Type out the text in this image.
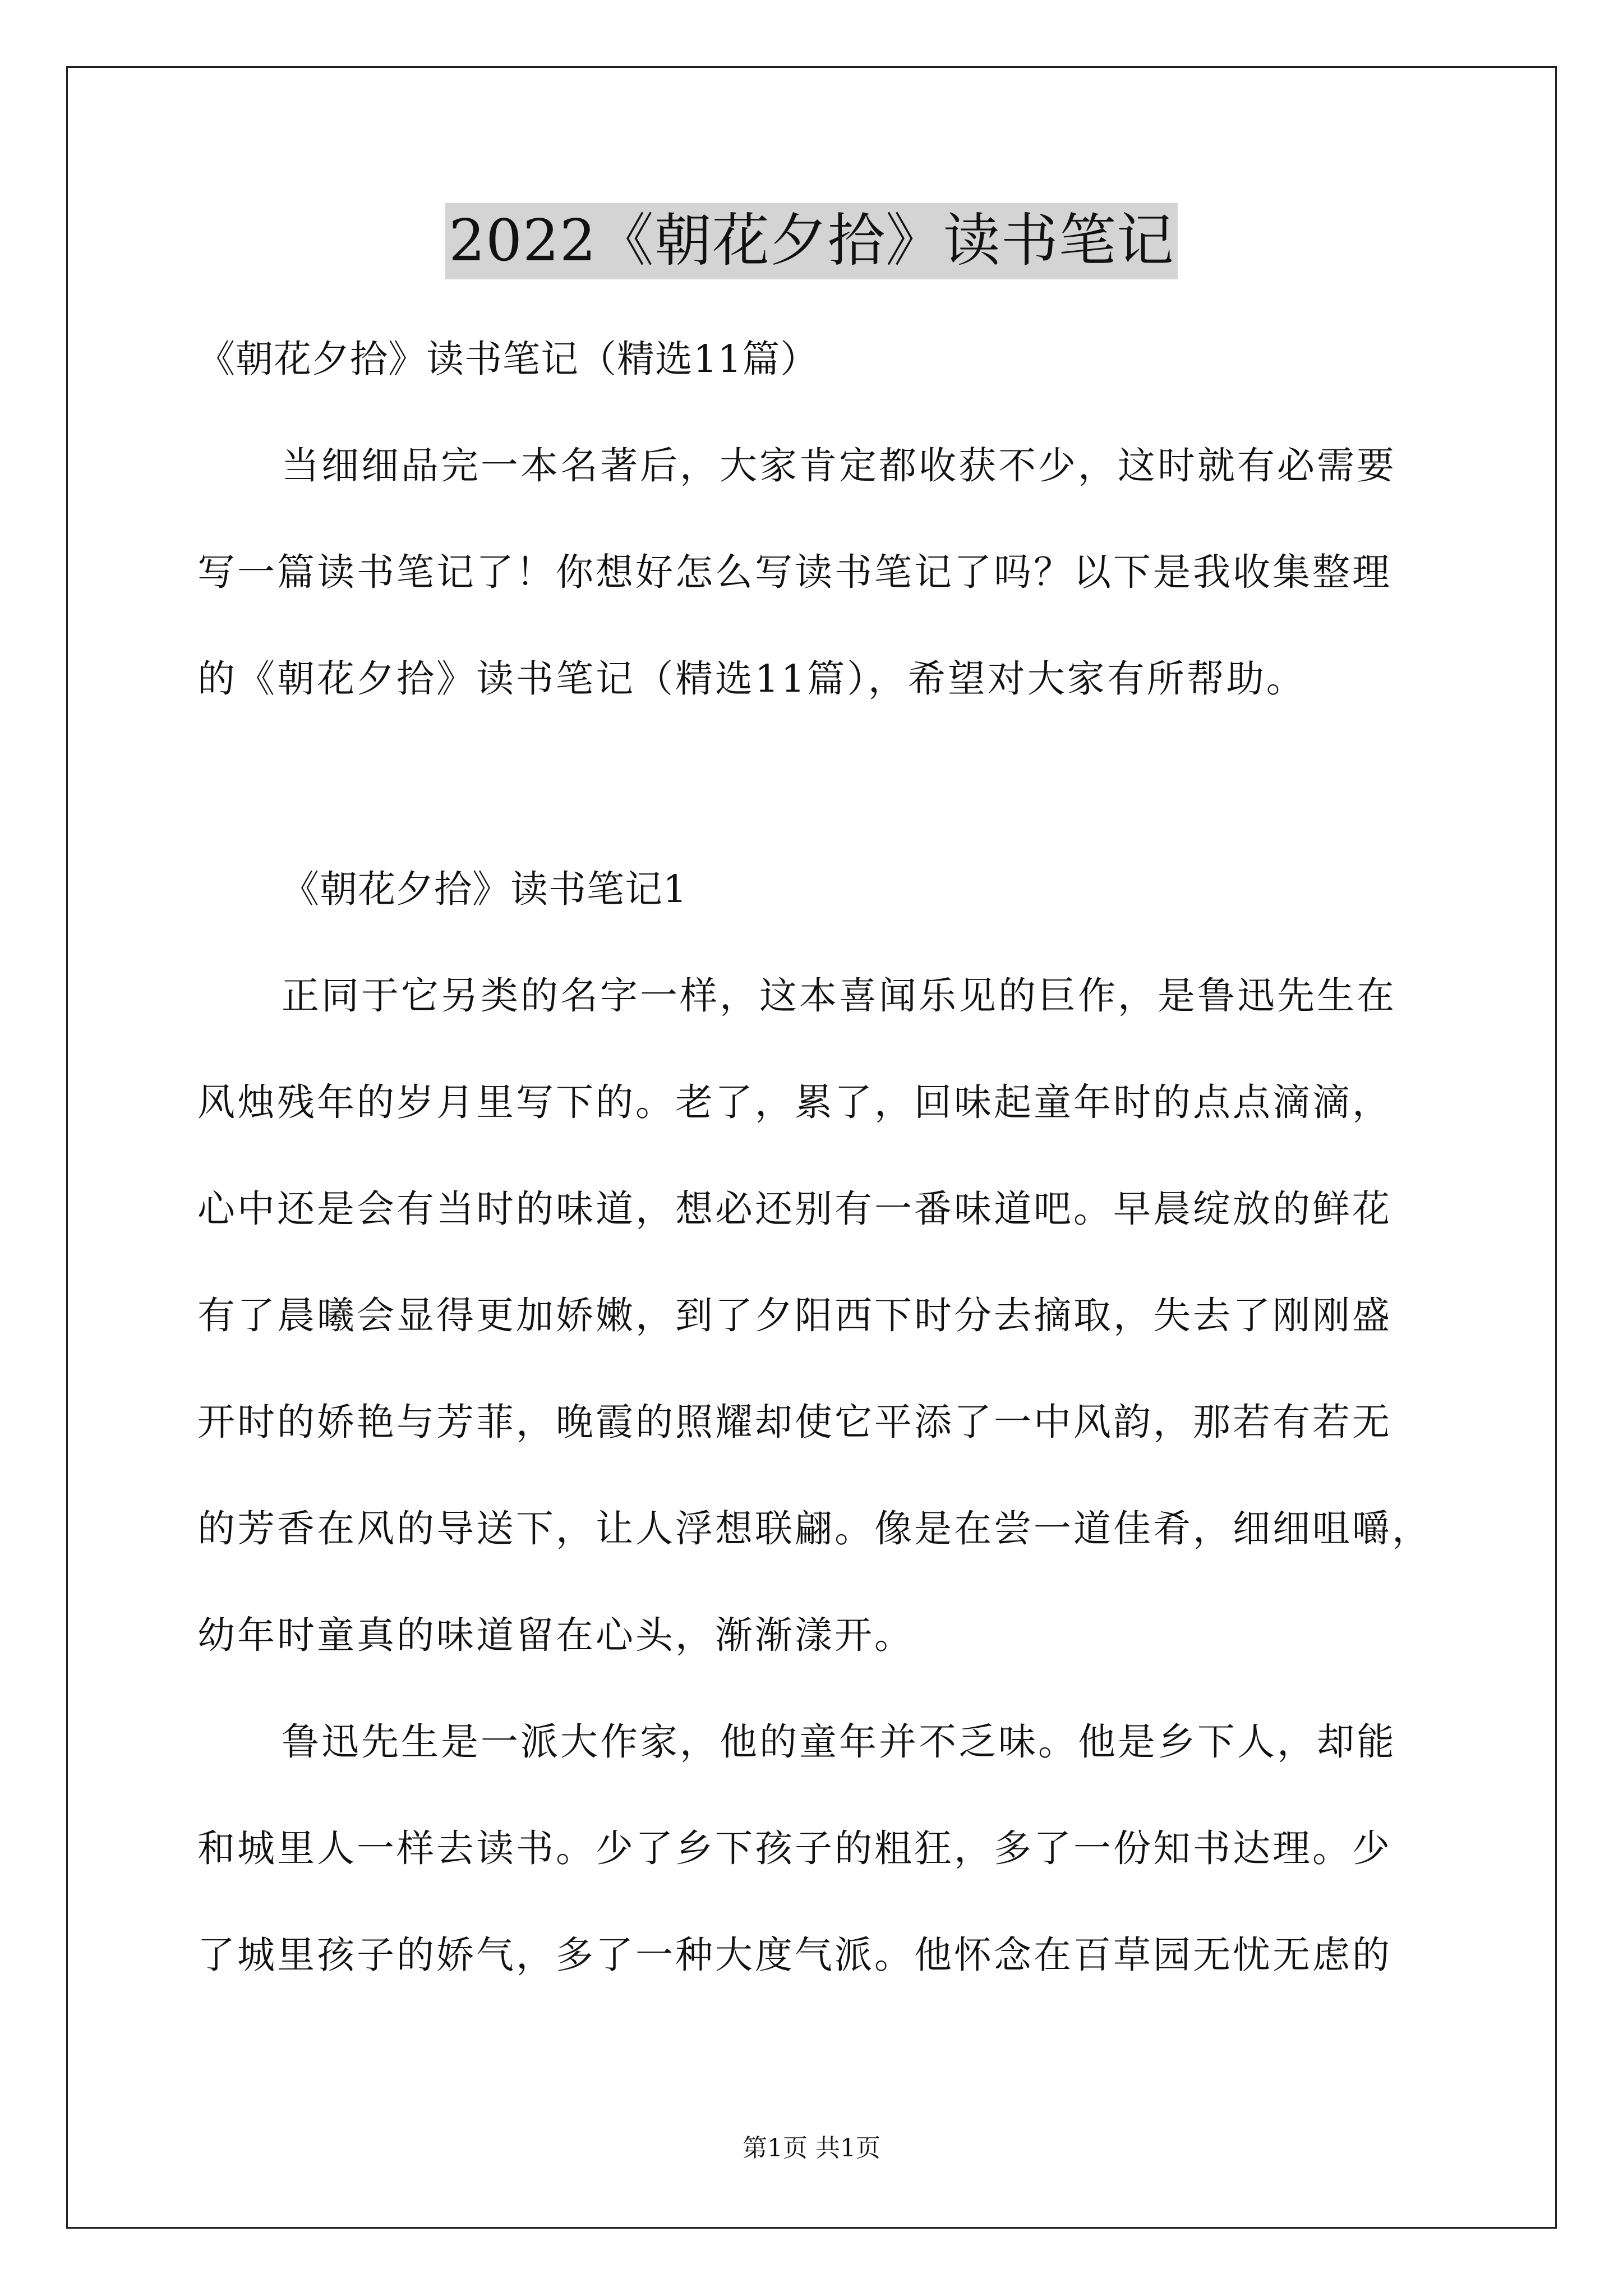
2022《朝花夕拾》读书笔记
《朝花夕拾》读书笔记（精选11篇）
当细细品完一本名著后，大家肯定都收获不少，这时就有必需要
写一篇读书笔记了！你想好怎么写读书笔记了吗？以下是我收集整理
的《朝花夕拾》读书笔记（精选11篇），希望对大家有所帮助。
《朝花夕拾》读书笔记1
正同于它另类的名字一样，这本喜闻乐见的巨作，是鲁迅先生在
风烛残年的岁月里写下的。老了，累了，回味起童年时的点点滴滴，
心中还是会有当时的味道，想必还别有一番味道吧。早晨绽放的鲜花
有了晨曦会显得更加娇嫩，到了夕阳西下时分去摘取，失去了刚刚盛
开时的娇艳与芳菲，晚霞的照耀却使它平添了一中风韵，那若有若无
的芳香在风的导送下，让人浮想联翩。像是在尝一道佳肴，细细咀嚼，
幼年时童真的味道留在心头，渐渐漾开。
鲁迅先生是一派大作家，他的童年并不乏味。他是乡下人，却能
和城里人一样去读书。少了乡下孩子的粗狂，多了一份知书达理。少
了城里孩子的娇气，多了一种大度气派。他怀念在百草园无忧无虑的
第1页 共1页
